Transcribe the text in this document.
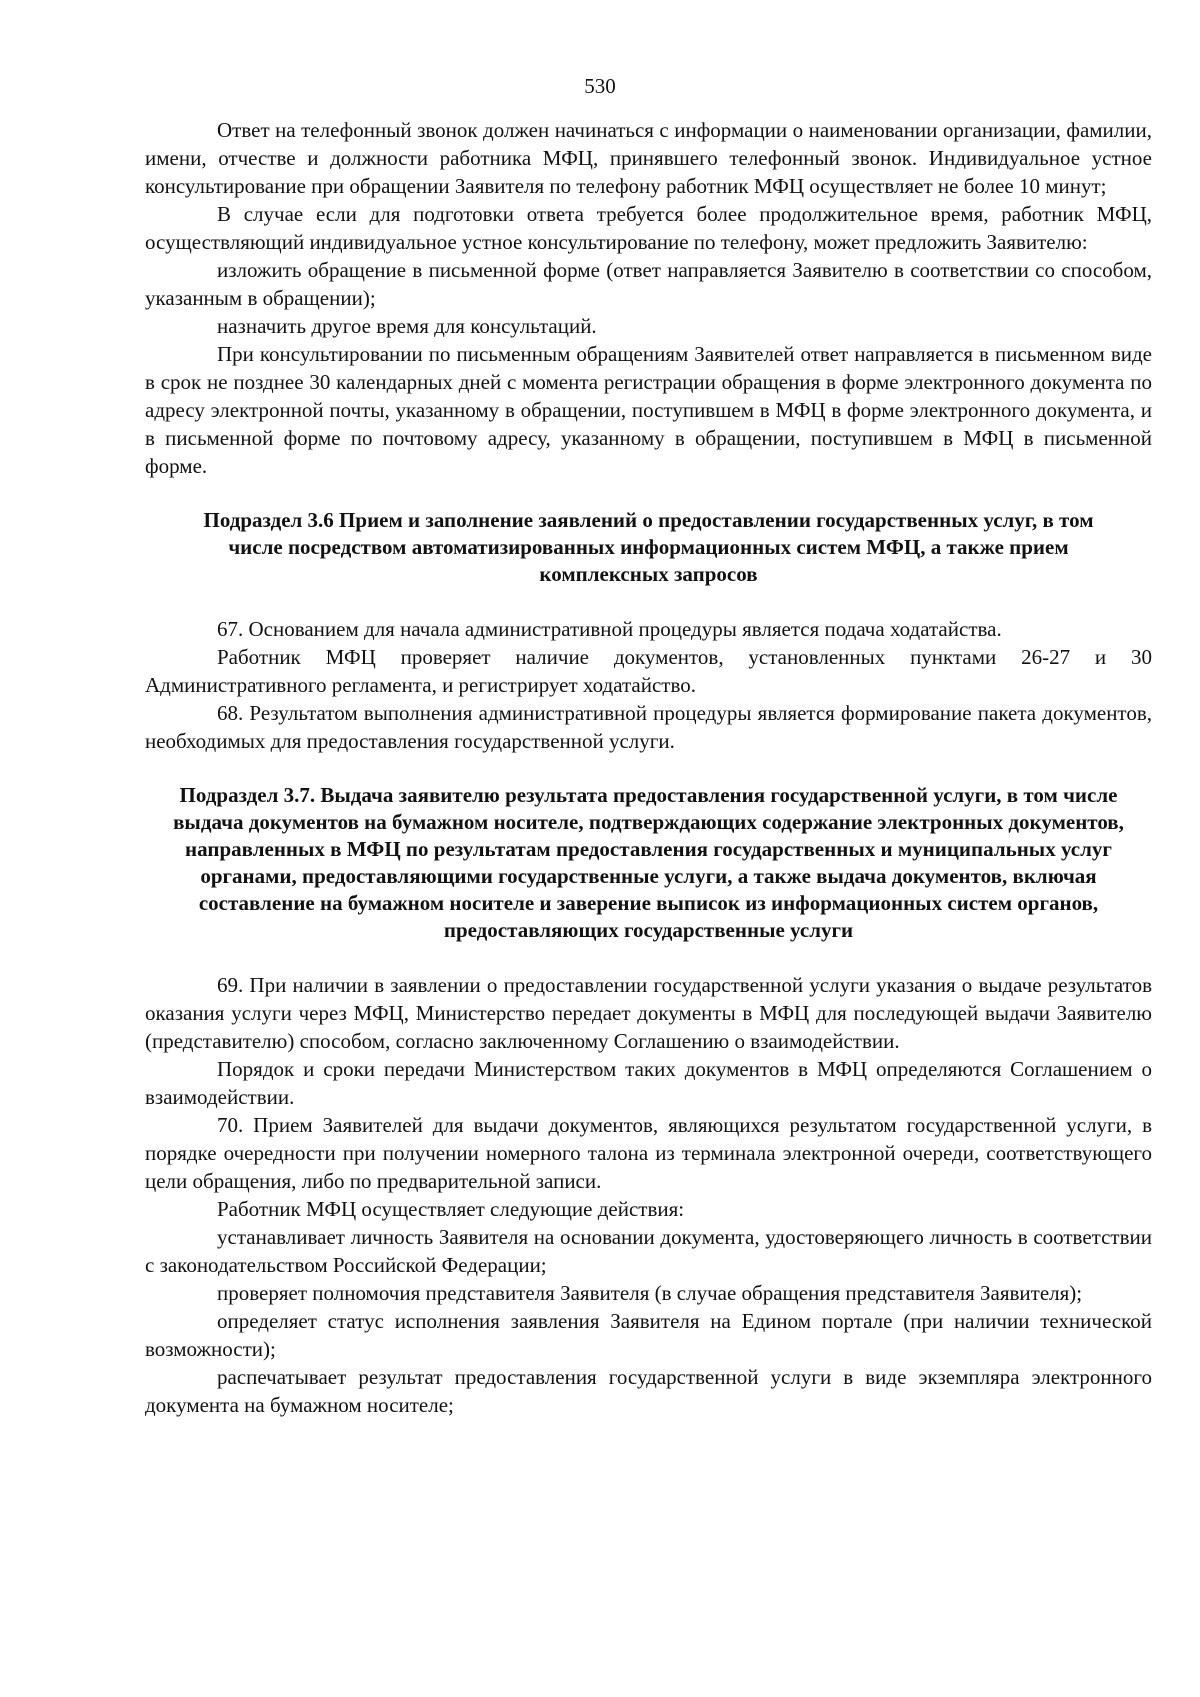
530

Ответ на телефонный звонок должен начинаться с информации о наименовании организации, фамилии, имени, отчестве и должности работника МФЦ, принявшего телефонный звонок. Индивидуальное устное консультирование при обращении Заявителя по телефону работник МФЦ осуществляет не более 10 минут;

В случае если для подготовки ответа требуется более продолжительное время, работник МФЦ, осуществляющий индивидуальное устное консультирование по телефону, может предложить Заявителю:

изложить обращение в письменной форме (ответ направляется Заявителю в соответствии со способом, указанным в обращении);

назначить другое время для консультаций.

При консультировании по письменным обращениям Заявителей ответ направляется в письменном виде в срок не позднее 30 календарных дней с момента регистрации обращения в форме электронного документа по адресу электронной почты, указанному в обращении, поступившем в МФЦ в форме электронного документа, и в письменной форме по почтовому адресу, указанному в обращении, поступившем в МФЦ в письменной форме.

Подраздел 3.6 Прием и заполнение заявлений о предоставлении государственных услуг, в том числе посредством автоматизированных информационных систем МФЦ, а также прием комплексных запросов

67. Основанием для начала административной процедуры является подача ходатайства.

Работник МФЦ проверяет наличие документов, установленных пунктами 26-27 и 30 Административного регламента, и регистрирует ходатайство.

68. Результатом выполнения административной процедуры является формирование пакета документов, необходимых для предоставления государственной услуги.

Подраздел 3.7. Выдача заявителю результата предоставления государственной услуги, в том числе выдача документов на бумажном носителе, подтверждающих содержание электронных документов, направленных в МФЦ по результатам предоставления государственных и муниципальных услуг органами, предоставляющими государственные услуги, а также выдача документов, включая составление на бумажном носителе и заверение выписок из информационных систем органов, предоставляющих государственные услуги

69. При наличии в заявлении о предоставлении государственной услуги указания о выдаче результатов оказания услуги через МФЦ, Министерство передает документы в МФЦ для последующей выдачи Заявителю (представителю) способом, согласно заключенному Соглашению о взаимодействии.

Порядок и сроки передачи Министерством таких документов в МФЦ определяются Соглашением о взаимодействии.

70. Прием Заявителей для выдачи документов, являющихся результатом государственной услуги, в порядке очередности при получении номерного талона из терминала электронной очереди, соответствующего цели обращения, либо по предварительной записи.

Работник МФЦ осуществляет следующие действия:

устанавливает личность Заявителя на основании документа, удостоверяющего личность в соответствии с законодательством Российской Федерации;

проверяет полномочия представителя Заявителя (в случае обращения представителя Заявителя);

определяет статус исполнения заявления Заявителя на Едином портале (при наличии технической возможности);

распечатывает результат предоставления государственной услуги в виде экземпляра электронного документа на бумажном носителе;
